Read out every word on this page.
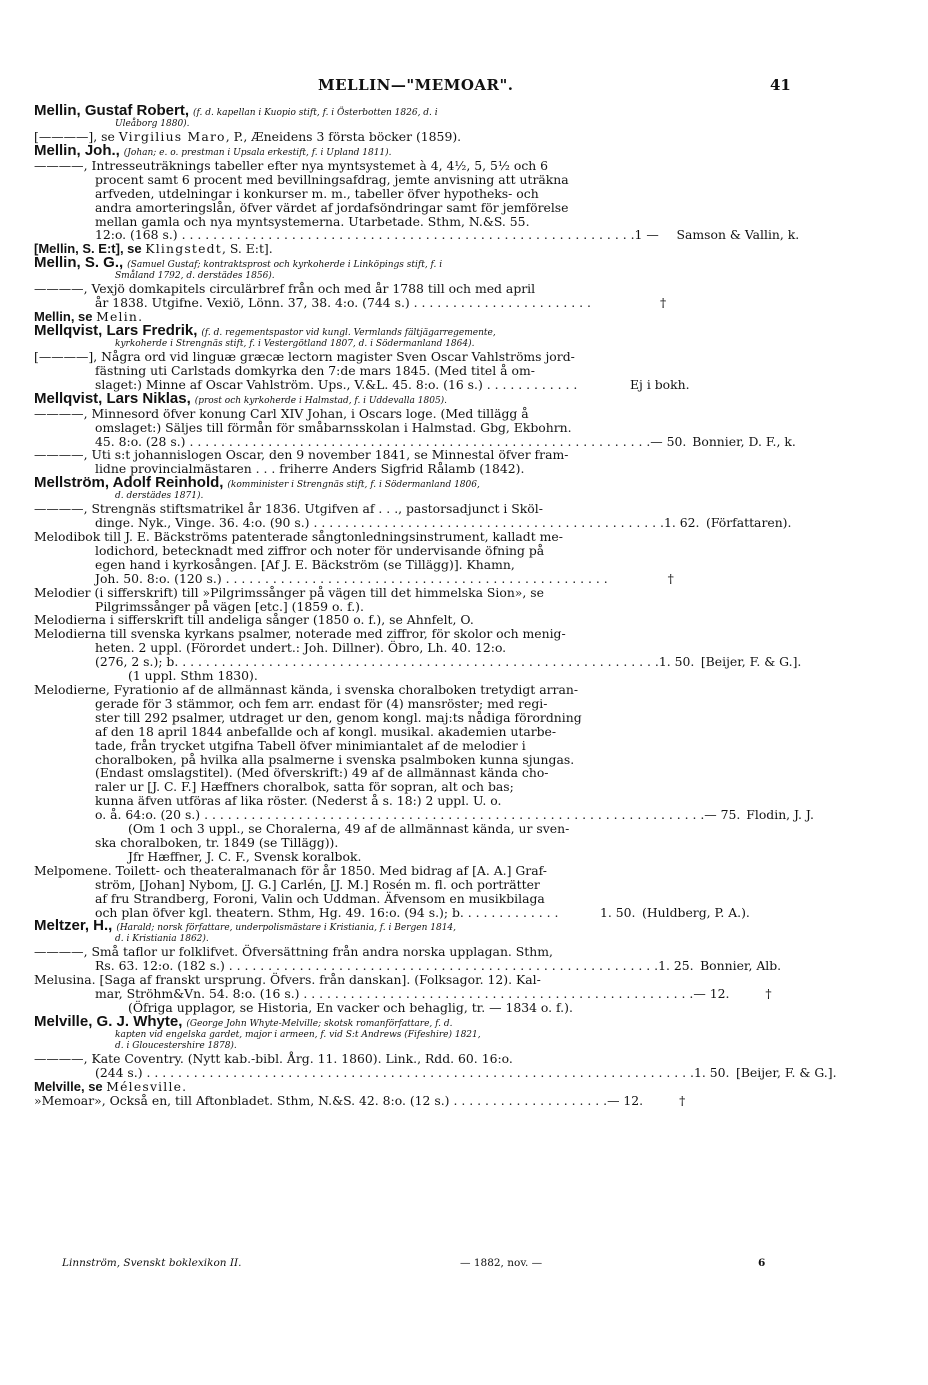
MELLIN—"MEMOAR".	41
Mellin, Gustaf Robert, (f. d. kapellan i Kuopio stift, f. i Österbotten 1826, d. i
Uleåborg 1880).
[————], se Virgilius Maro, P., Æneidens 3 första böcker (1859).
Mellin, Joh., (Johan; e. o. prestman i Upsala erkestift, f. i Upland 1811).
————, Intresseuträknings tabeller efter nya myntsystemet à 4, 4½, 5, 5½ och 6
procent samt 6 procent med bevillningsafdrag, jemte anvisning att uträkna
arfveden, utdelningar i konkurser m. m., tabeller öfver hypotheks- och
andra amorteringslån, öfver värdet af jordafsöndringar samt för jemförelse
mellan gamla och nya myntsystemerna. Utarbetade. Sthm, N.&S. 55.
12:o. (168 s.) . . . . . . . . . . . . . . . . . . . . . . . . . . . . . . . . . . . . . . . . . . . . . . . . . . . . . . . . . . 1 —	Samson & Vallin, k.
[Mellin, S. E:t], se Klingstedt, S. E:t].
Mellin, S. G., (Samuel Gustaf; kontraktsprost och kyrkoherde i Linköpings stift, f. i
Småland 1792, d. derstädes 1856).
————, Vexjö domkapitels circulärbref från och med år 1788 till och med april
år 1838. Utgifne. Vexiö, Lönn. 37, 38. 4:o. (744 s.) . . . . . . . . . . . . . . . . . . . . . . .	†
Mellin, se Melin.
Mellqvist, Lars Fredrik, (f. d. regementspastor vid kungl. Vermlands fältjägarregemente,
kyrkoherde i Strengnäs stift, f. i Vestergötland 1807, d. i Södermanland 1864).
[————], Några ord vid linguæ græcæ lectorn magister Sven Oscar Vahlströms jord-
fästning uti Carlstads domkyrka den 7:de mars 1845. (Med titel å om-
slaget:) Minne af Oscar Vahlström. Ups., V.&L. 45. 8:o. (16 s.) . . . . . . . . . . . .	Ej i bokh.
Mellqvist, Lars Niklas, (prost och kyrkoherde i Halmstad, f. i Uddevalla 1805).
————, Minnesord öfver konung Carl XIV Johan, i Oscars loge. (Med tillägg å
omslaget:) Säljes till förmån för småbarnsskolan i Halmstad. Gbg, Ekbohrn.
45. 8:o. (28 s.) . . . . . . . . . . . . . . . . . . . . . . . . . . . . . . . . . . . . . . . . . . . . . . . . . . . . . . . . . . . — 50. Bonnier, D. F., k.
————, Uti s:t johannislogen Oscar, den 9 november 1841, se Minnestal öfver fram-
lidne provincialmästaren . . . friherre Anders Sigfrid Rålamb (1842).
Mellström, Adolf Reinhold, (komminister i Strengnäs stift, f. i Södermanland 1806,
d. derstädes 1871).
————, Strengnäs stiftsmatrikel år 1836. Utgifven af . . ., pastorsadjunct i Sköl-
dinge. Nyk., Vinge. 36. 4:o. (90 s.) . . . . . . . . . . . . . . . . . . . . . . . . . . . . . . . . . . . . . . . . . . . . . 1. 62. (Författaren).
Melodibok till J. E. Bäckströms patenterade sångtonledningsinstrument, kalladt me-
lodichord, betecknadt med ziffror och noter för undervisande öfning på
egen hand i kyrkosången. [Af J. E. Bäckström (se Tillägg)]. Khamn,
Joh. 50. 8:o. (120 s.) . . . . . . . . . . . . . . . . . . . . . . . . . . . . . . . . . . . . . . . . . . . . . . . . .	†
Melodier (i sifferskrift) till »Pilgrimssånger på vägen till det himmelska Sion», se
Pilgrimssånger på vägen [etc.] (1859 o. f.).
Melodierna i sifferskrift till andeliga sånger (1850 o. f.), se Ahnfelt, O.
Melodierna till svenska kyrkans psalmer, noterade med ziffror, för skolor och menig-
heten. 2 uppl. (Förordet undert.: Joh. Dillner). Öbro, Lh. 40. 12:o.
(276, 2 s.); b. . . . . . . . . . . . . . . . . . . . . . . . . . . . . . . . . . . . . . . . . . . . . . . . . . . . . . . . . . . . . . 1. 50. [Beijer, F. & G.].
(1 uppl. Sthm 1830).
Melodierne, Fyrationio af de allmännast kända, i svenska choralboken tretydigt arran-
gerade för 3 stämmor, och fem arr. endast för (4) mansröster; med regi-
ster till 292 psalmer, utdraget ur den, genom kongl. maj:ts nådiga förordning
af den 18 april 1844 anbefallde och af kongl. musikal. akademien utarbe-
tade, från trycket utgifna Tabell öfver minimiantalet af de melodier i
choralboken, på hvilka alla psalmerne i svenska psalmboken kunna sjungas.
(Endast omslagstitel). (Med öfverskrift:) 49 af de allmännast kända cho-
raler ur [J. C. F.] Hæffners choralbok, satta för sopran, alt och bas;
kunna äfven utföras af lika röster. (Nederst å s. 18:) 2 uppl. U. o.
o. å. 64:o. (20 s.) . . . . . . . . . . . . . . . . . . . . . . . . . . . . . . . . . . . . . . . . . . . . . . . . . . . . . . . . . . . . . . . . — 75. Flodin, J. J.
(Om 1 och 3 uppl., se Choralerna, 49 af de allmännast kända, ur sven-
ska choralboken, tr. 1849 (se Tillägg)).
Jfr Hæffner, J. C. F., Svensk koralbok.
Melpomene. Toilett- och theateralmanach för år 1850. Med bidrag af [A. A.] Graf-
ström, [Johan] Nybom, [J. G.] Carlén, [J. M.] Rosén m. fl. och porträtter
af fru Strandberg, Foroni, Valin och Uddman. Äfvensom en musikbilaga
och plan öfver kgl. theatern. Sthm, Hg. 49. 16:o. (94 s.); b. . . . . . . . . . . . .	1. 50. (Huldberg, P. A.).
Meltzer, H., (Harald; norsk författare, underpolismästare i Kristiania, f. i Bergen 1814,
d. i Kristiania 1862).
————, Små taflor ur folklifvet. Öfversättning från andra norska upplagan. Sthm,
Rs. 63. 12:o. (182 s.) . . . . . . . . . . . . . . . . . . . . . . . . . . . . . . . . . . . . . . . . . . . . . . . . . . . . . . . 1. 25. Bonnier, Alb.
Melusina. [Saga af franskt ursprung. Öfvers. från danskan]. (Folksagor. 12). Kal-
mar, Ströhm&Vn. 54. 8:o. (16 s.) . . . . . . . . . . . . . . . . . . . . . . . . . . . . . . . . . . . . . . . . . . . . . . . . . . — 12.	†
(Öfriga upplagor, se Historia, En vacker och behaglig, tr. — 1834 o. f.).
Melville, G. J. Whyte, (George John Whyte-Melville; skotsk romanförfattare, f. d.
kapten vid engelska gardet, major i armeen, f. vid S:t Andrews (Fifeshire) 1821,
d. i Gloucestershire 1878).
————, Kate Coventry. (Nytt kab.-bibl. Årg. 11. 1860). Link., Rdd. 60. 16:o.
(244 s.) . . . . . . . . . . . . . . . . . . . . . . . . . . . . . . . . . . . . . . . . . . . . . . . . . . . . . . . . . . . . . . . . . . . . . . 1. 50. [Beijer, F. & G.].
Melville, se Mélesville.
»Memoar», Också en, till Aftonbladet. Sthm, N.&S. 42. 8:o. (12 s.) . . . . . . . . . . . . . . . . . . . . — 12.	†
Linnström, Svenskt boklexikon II.	— 1882, nov. —	6
